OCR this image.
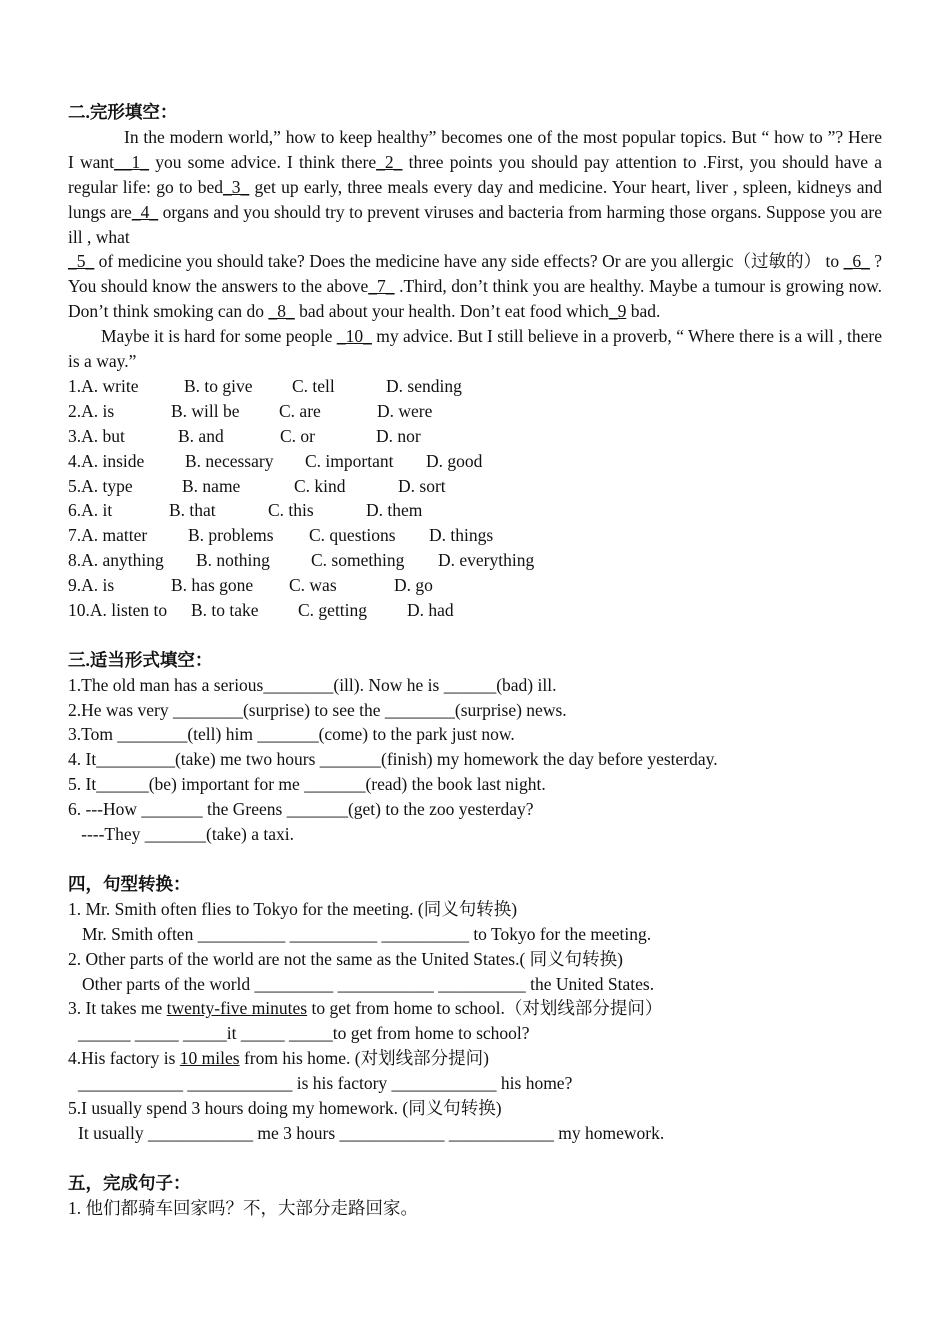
二.完形填空：
In the modern world,” how to keep healthy” becomes one of the most popular topics. But “ how to ”? Here I want__1_ you some advice. I think there_2_ three points you should pay attention to .First, you should have a regular life: go to bed_3_ get up early, three meals every day and medicine. Your heart, liver , spleen, kidneys and lungs are_4_ organs and you should try to prevent viruses and bacteria from harming those organs. Suppose you are ill , what
_5_ of medicine you should take? Does the medicine have any side effects? Or are you allergic（过敏的） to _6_ ?You should know the answers to the above_7_ .Third, don’t think you are healthy. Maybe a tumour is growing now. Don’t think smoking can do _8_ bad about your health. Don’t eat food which_9 bad.
Maybe it is hard for some people _10_ my advice. But I still believe in a proverb, “ Where there is a will , there is a way.”
1.A. write	B. to give C. tell	D. sending
2.A. is	B. will be C. are	D. were
3.A. but	B. and	C. or	D. nor
4.A. inside B. necessary C. important D. good
5.A. type	B. name	C. kind	D. sort
6.A. it	B. that	C. this	D. them
7.A. matter B. problems C. questions D. things
8.A. anything B. nothing C. something D. everything
9.A. is	B. has gone C. was	D. go
10.A. listen to B. to take C. getting D. had
三.适当形式填空：
1.The old man has a serious________(ill). Now he is ______(bad) ill.
2.He was very ________(surprise) to see the ________(surprise) news.
3.Tom ________(tell) him _______(come) to the park just now.
4. It_________(take) me two hours _______(finish) my homework the day before yesterday.
5. It______(be) important for me _______(read) the book last night.
6. ---How _______ the Greens _______(get) to the zoo yesterday?
----They _______(take) a taxi.
四，句型转换：
1. Mr. Smith often flies to Tokyo for the meeting. (同义句转换)
Mr. Smith often __________ __________ __________ to Tokyo for the meeting.
2. Other parts of the world are not the same as the United States.( 同义句转换)
Other parts of the world _________ ___________ __________ the United States.
3. It takes me twenty-five minutes to get from home to school.（对划线部分提问）
______ _____ _____it _____ _____to get from home to school?
4.His factory is 10 miles from his home. (对划线部分提问)
____________ ____________ is his factory ____________ his home?
5.I usually spend 3 hours doing my homework. (同义句转换)
It usually ____________ me 3 hours ____________ ____________ my homework.
五，完成句子：
1. 他们都骑车回家吗？不，大部分走路回家。
